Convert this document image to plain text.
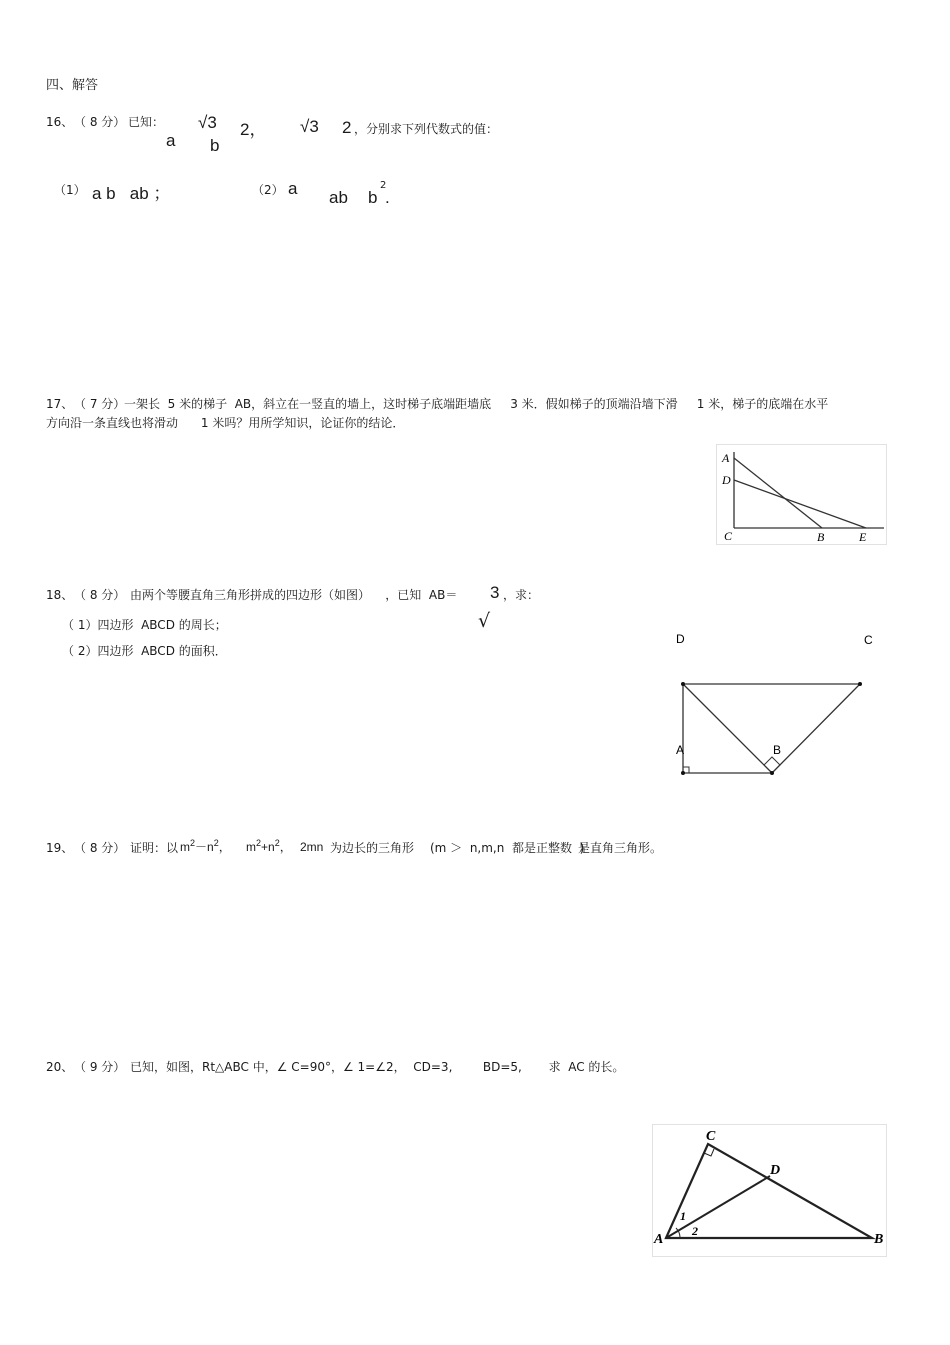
四、解答
16、 （ 8 分） 已知：
a
√3 2，
b
√3 2 ，分别求下列代数式的值：
（1） a b   ab ；	（2） a ab b
2
.
17、 （ 7 分）
一架长  5 米的梯子  AB，斜立在一竖直的墙上，这时梯子底端距墙底     3 米．假如梯子的顶端沿墙下滑     1 米，梯子的底端在水平
方向沿一条直线也将滑动      1 米吗？用所学知识，论证你的结论．
A
D
C	B	E
18、 （ 8 分） 由两个等腰直角三角形拼成的四边形（如图）    ，已知  AB＝ 3 ，求：
√
（ 1）四边形  ABCD 的周长；
（ 2）四边形  ABCD 的面积．
D	C
A	B
19、 （ 8 分） 证明：以 $m^2-n^2$， $m^2+n^2$， 2mn 为边长的三角形 (m ＞  n,m,n  都是正整数  )
是直角三角形。
20、 （ 9 分） 已知，如图，Rt△ABC 中，∠ C=90°，∠ 1=∠2，  CD=3,        BD=5,       求  AC 的长。
C
D
A	B
1
2
